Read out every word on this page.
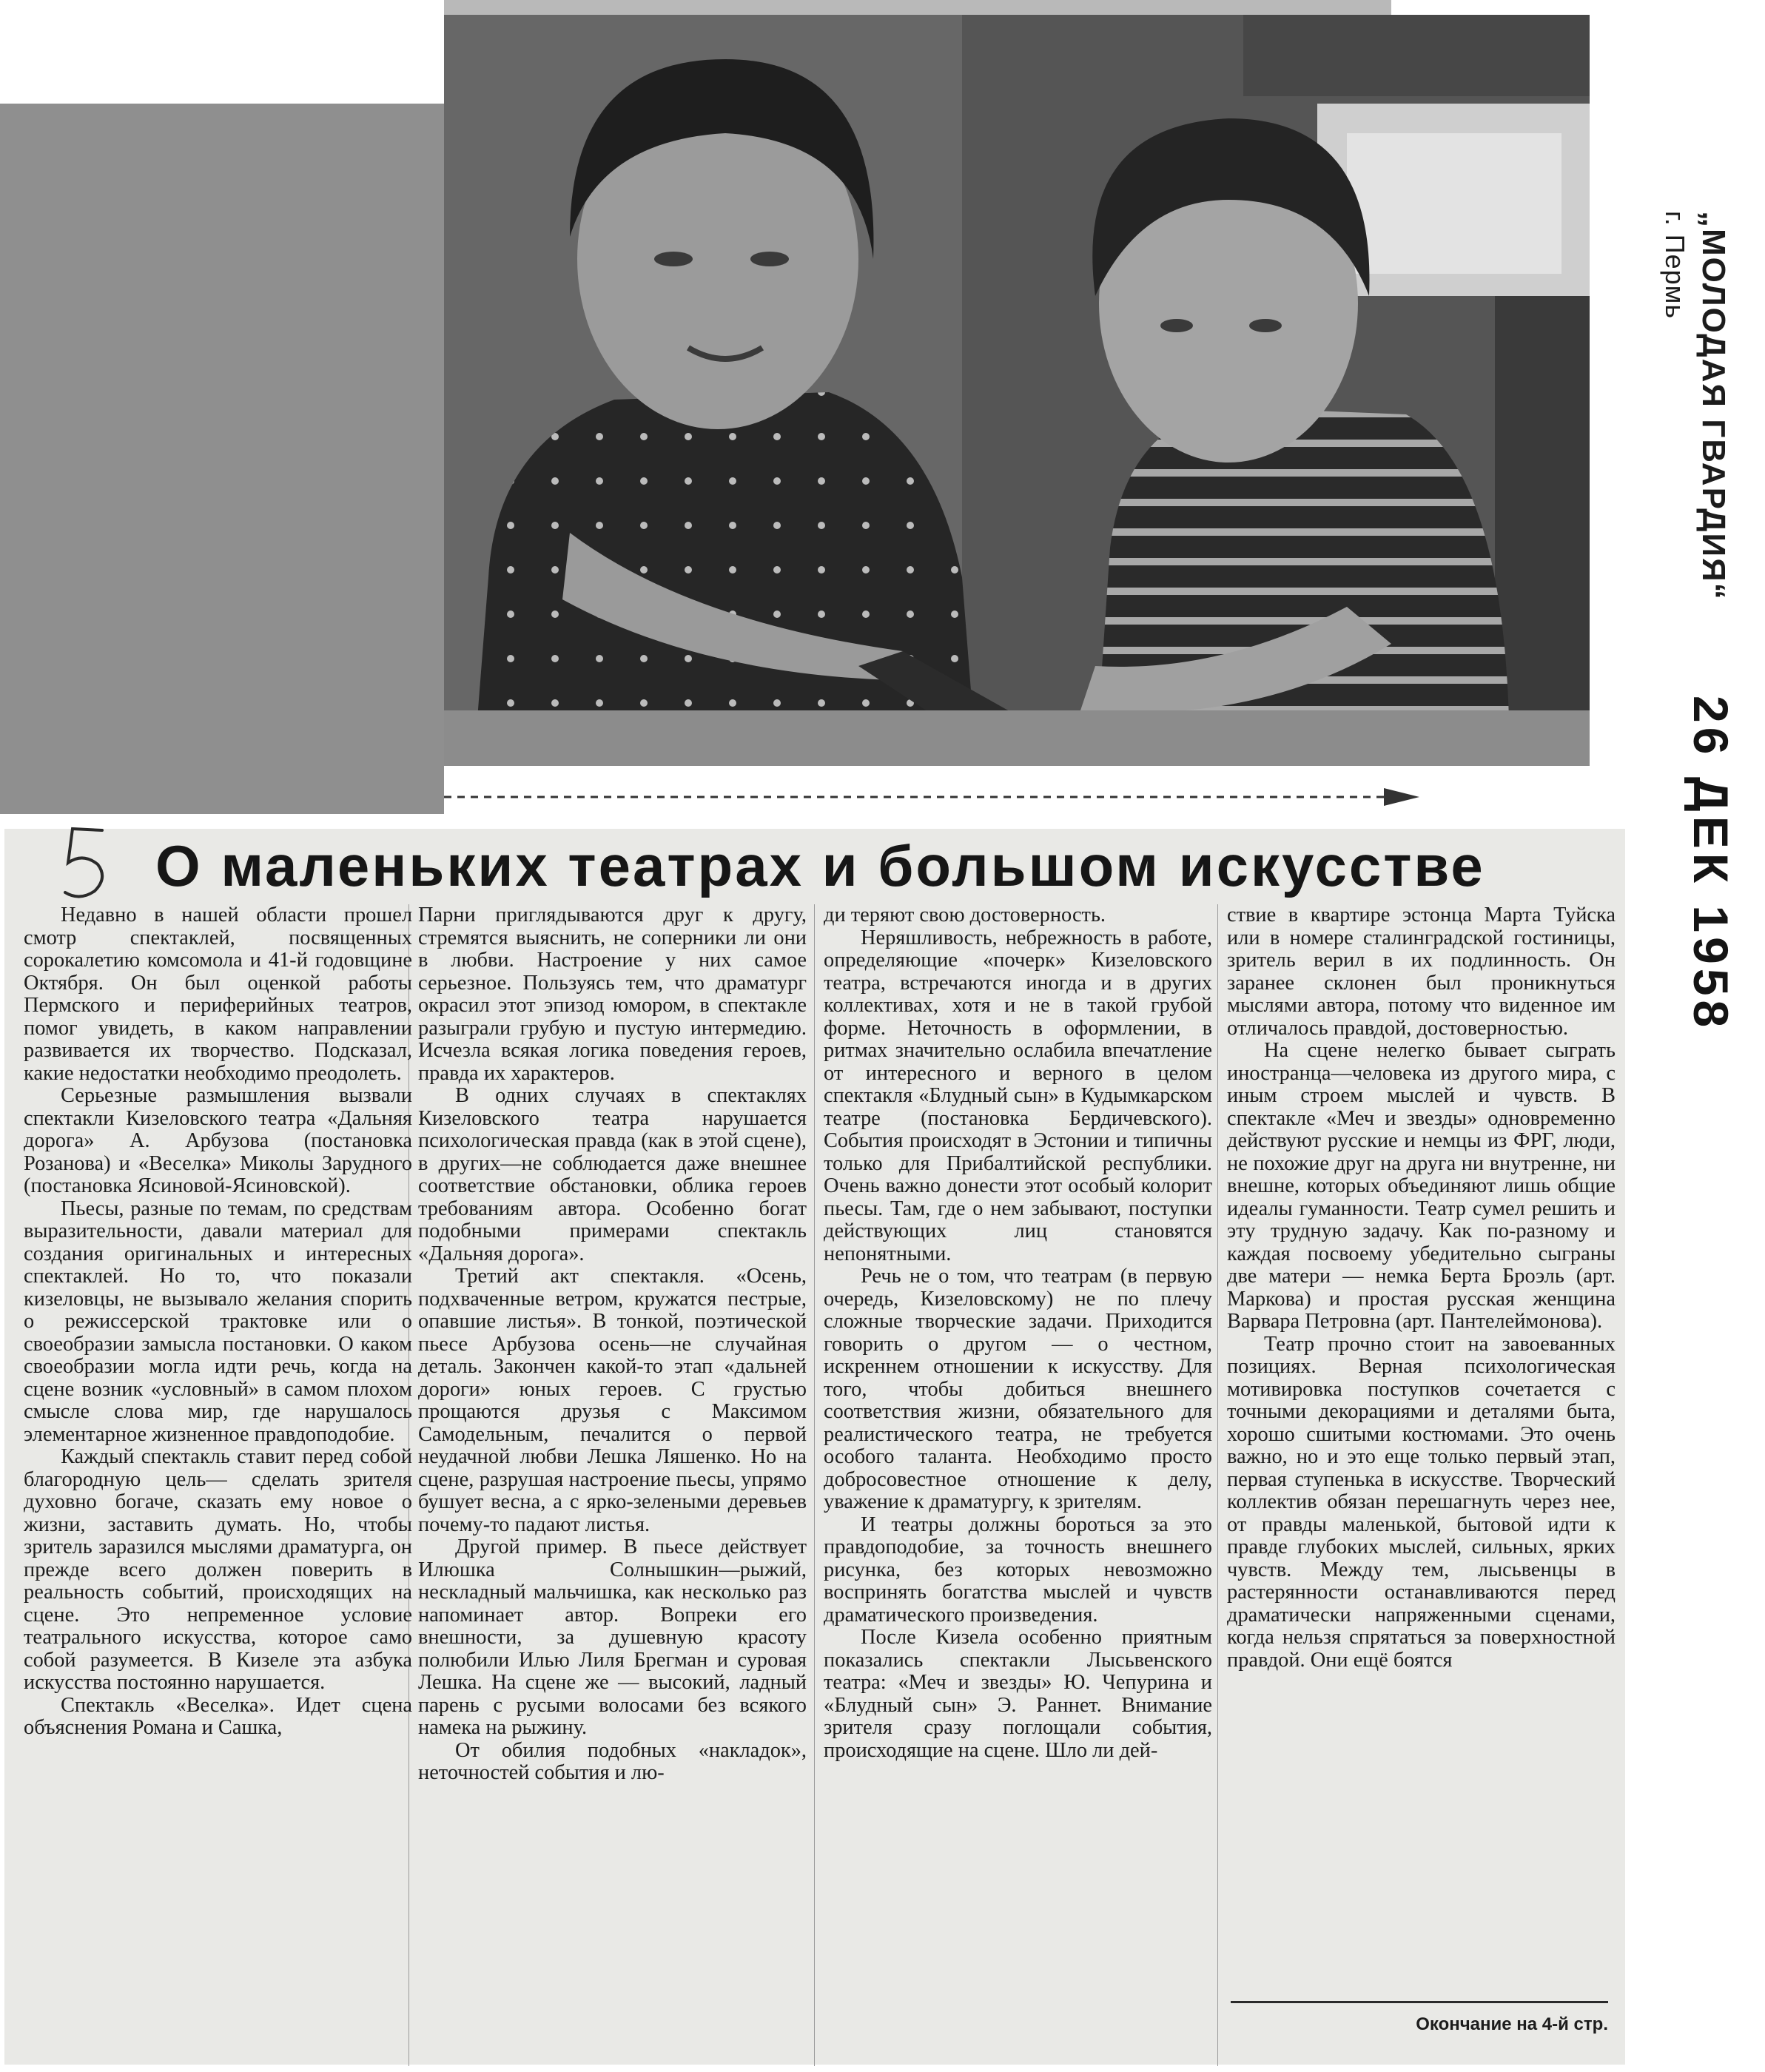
„МОЛОДАЯ ГВАРДИЯ“
г. Пермь
26 ДЕК 1958
5
О маленьких театрах и большом искусстве

Недавно в нашей области прошел смотр спектаклей, посвященных сорокалетию комсомола и 41-й годовщине Октября. Он был оценкой работы Пермского и периферийных театров, помог увидеть, в каком направлении развивается их творчество. Подсказал, какие недостатки необходимо преодолеть.

Серьезные размышления вызвали спектакли Кизеловского театра «Дальняя дорога» А. Арбузова (постановка Розанова) и «Веселка» Миколы Зарудного (постановка Ясиновой-Ясиновской).

Пьесы, разные по темам, по средствам выразительности, давали материал для создания оригинальных и интересных спектаклей. Но то, что показали кизеловцы, не вызывало желания спорить о режиссерской трактовке или о своеобразии замысла постановки. О каком своеобразии могла идти речь, когда на сцене возник «условный» в самом плохом смысле слова мир, где нарушалось элементарное жизненное правдоподобие.

Каждый спектакль ставит перед собой благородную цель— сделать зрителя духовно богаче, сказать ему новое о жизни, заставить думать. Но, чтобы зритель заразился мыслями драматурга, он прежде всего должен поверить в реальность событий, происходящих на сцене. Это непременное условие театрального искусства, которое само собой разумеется. В Кизеле эта азбука искусства постоянно нарушается.

Спектакль «Веселка». Идет сцена объяснения Романа и Сашка,

Парни приглядываются друг к другу, стремятся выяснить, не соперники ли они в любви. Настроение у них самое серьезное. Пользуясь тем, что драматург окрасил этот эпизод юмором, в спектакле разыграли грубую и пустую интермедию. Исчезла всякая логика поведения героев, правда их характеров.

В одних случаях в спектаклях Кизеловского театра нарушается психологическая правда (как в этой сцене), в других—не соблюдается даже внешнее соответствие обстановки, облика героев требованиям автора. Особенно богат подобными примерами спектакль «Дальняя дорога».

Третий акт спектакля. «Осень, подхваченные ветром, кружатся пестрые, опавшие листья». В тонкой, поэтической пьесе Арбузова осень—не случайная деталь. Закончен какой-то этап «дальней дороги» юных героев. С грустью прощаются друзья с Максимом Самодельным, печалится о первой неудачной любви Лешка Ляшенко. Но на сцене, разрушая настроение пьесы, упрямо бушует весна, а с ярко-зелеными деревьев почему-то падают листья.

Другой пример. В пьесе действует Илюшка Солнышкин—рыжий, нескладный мальчишка, как несколько раз напоминает автор. Вопреки его внешности, за душевную красоту полюбили Илью Лиля Брегман и суровая Лешка. На сцене же — высокий, ладный парень с русыми волосами без всякого намека на рыжину.

От обилия подобных «накладок», неточностей события и лю-

ди теряют свою достоверность.

Неряшливость, небрежность в работе, определяющие «почерк» Кизеловского театра, встречаются иногда и в других коллективах, хотя и не в такой грубой форме. Неточность в оформлении, в ритмах значительно ослабила впечатление от интересного и верного в целом спектакля «Блудный сын» в Кудымкарском театре (постановка Бердичевского). События происходят в Эстонии и типичны только для Прибалтийской республики. Очень важно донести этот особый колорит пьесы. Там, где о нем забывают, поступки действующих лиц становятся непонятными.

Речь не о том, что театрам (в первую очередь, Кизеловскому) не по плечу сложные творческие задачи. Приходится говорить о другом — о честном, искреннем отношении к искусству. Для того, чтобы добиться внешнего соответствия жизни, обязательного для реалистического театра, не требуется особого таланта. Необходимо просто добросовестное отношение к делу, уважение к драматургу, к зрителям.

И театры должны бороться за это правдоподобие, за точность внешнего рисунка, без которых невозможно воспринять богатства мыслей и чувств драматического произведения.

После Кизела особенно приятным показались спектакли Лысьвенского театра: «Меч и звезды» Ю. Чепурина и «Блудный сын» Э. Раннет. Внимание зрителя сразу поглощали события, происходящие на сцене. Шло ли дей-

ствие в квартире эстонца Марта Туйска или в номере сталинградской гостиницы, зритель верил в их подлинность. Он заранее склонен был проникнуться мыслями автора, потому что виденное им отличалось правдой, достоверностью.

На сцене нелегко бывает сыграть иностранца—человека из другого мира, с иным строем мыслей и чувств. В спектакле «Меч и звезды» одновременно действуют русские и немцы из ФРГ, люди, не похожие друг на друга ни внутренне, ни внешне, которых объединяют лишь общие идеалы гуманности. Театр сумел решить и эту трудную задачу. Как по-разному и каждая посвоему убедительно сыграны две матери — немка Берта Броэль (арт. Маркова) и простая русская женщина Варвара Петровна (арт. Пантелеймонова).

Театр прочно стоит на завоеванных позициях. Верная психологическая мотивировка поступков сочетается с точными декорациями и деталями быта, хорошо сшитыми костюмами. Это очень важно, но и это еще только первый этап, первая ступенька в искусстве. Творческий коллектив обязан перешагнуть через нее, от правды маленькой, бытовой идти к правде глубоких мыслей, сильных, ярких чувств. Между тем, лысьвенцы в растерянности останавливаются перед драматически напряженными сценами, когда нельзя спрятаться за поверхностной правдой. Они ещё боятся

Окончание на 4-й стр.
